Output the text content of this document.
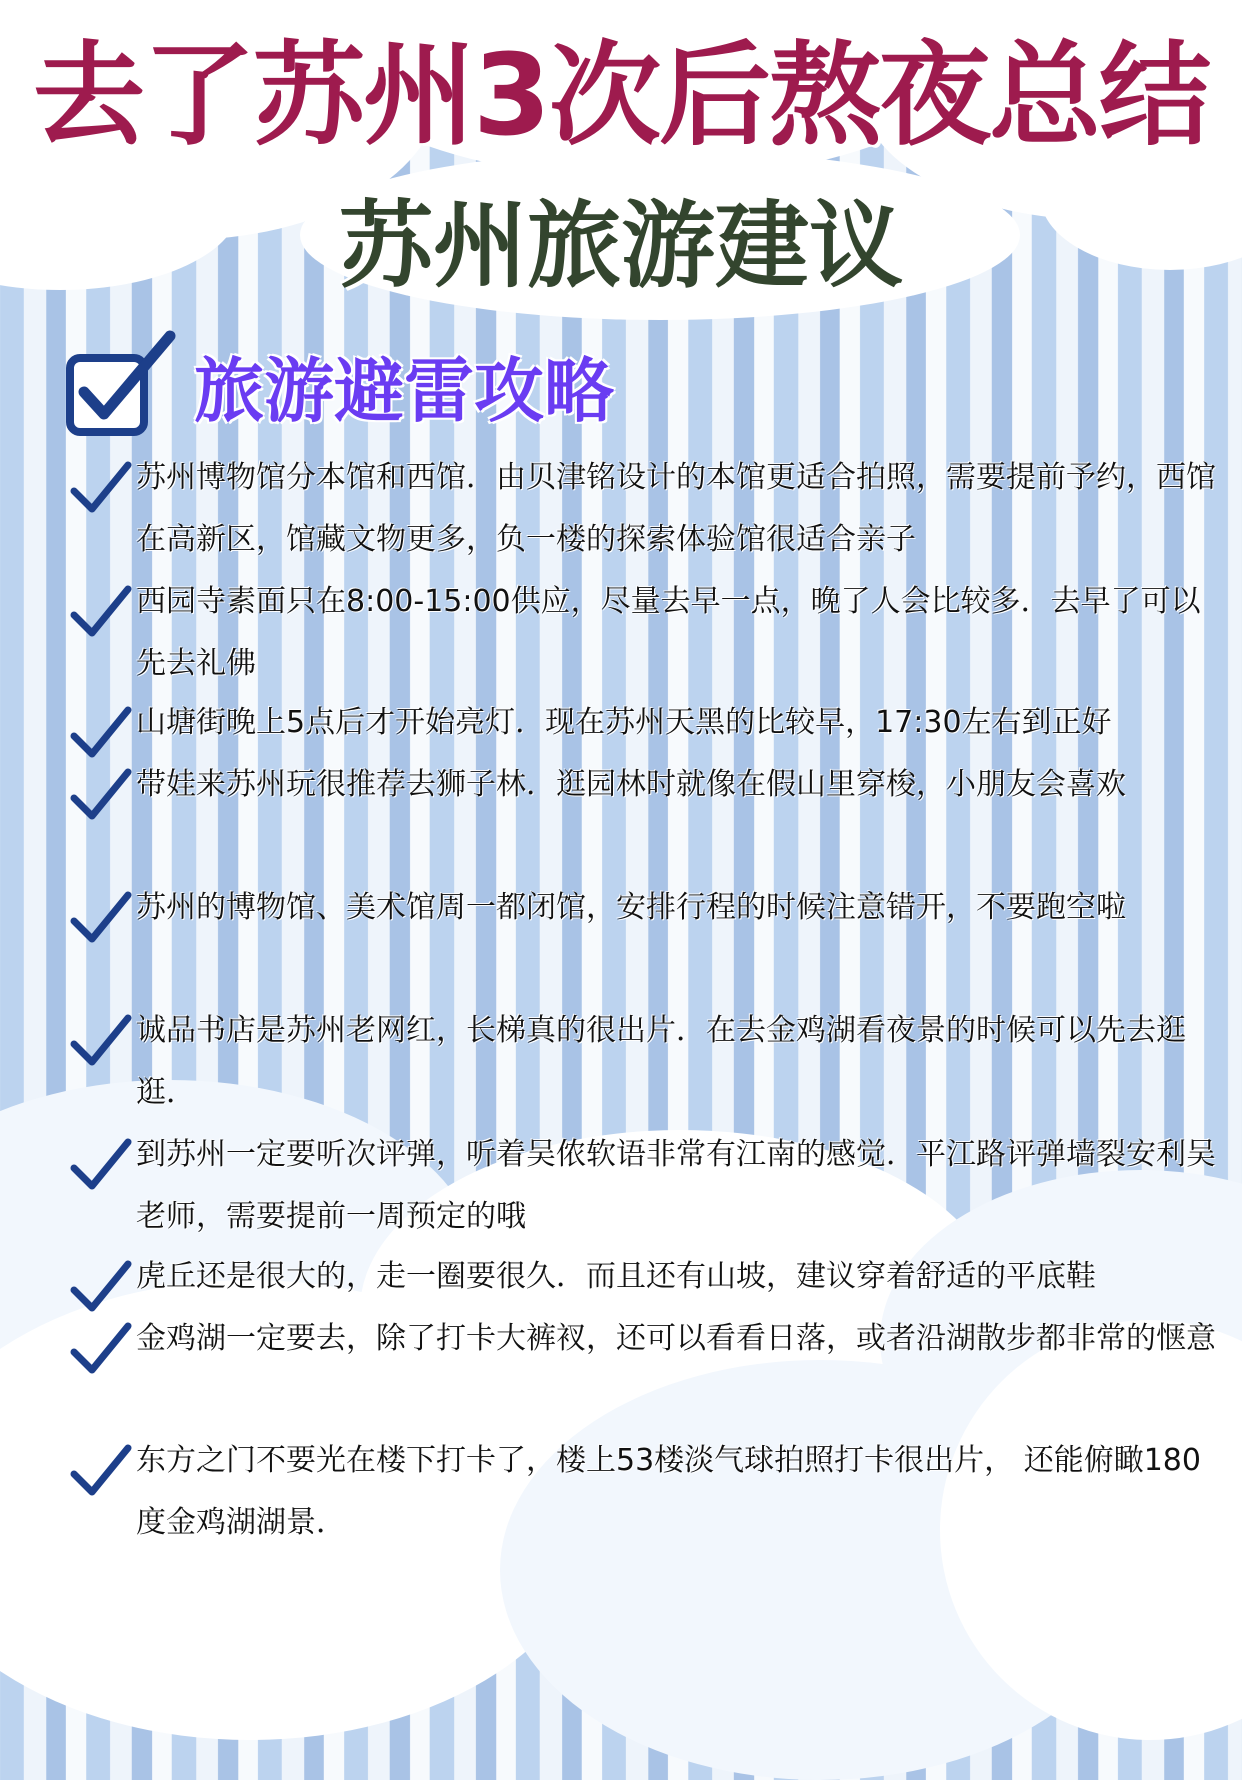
去了苏州3次后熬夜总结
苏州旅游建议
旅游避雷攻略
苏州博物馆分本馆和西馆．由贝津铭设计的本馆更适合拍照，需要提前予约，西馆在高新区，馆藏文物更多，负一楼的探索体验馆很适合亲子
西园寺素面只在8:00-15:00供应，尽量去早一点，晚了人会比较多．去早了可以先去礼佛
山塘街晚上5点后才开始亮灯．现在苏州天黑的比较早，17:30左右到正好
带娃来苏州玩很推荐去狮子林．逛园林时就像在假山里穿梭，小朋友会喜欢
苏州的博物馆、美术馆周一都闭馆，安排行程的时候注意错开，不要跑空啦
诚品书店是苏州老网红，长梯真的很出片．在去金鸡湖看夜景的时候可以先去逛逛．
到苏州一定要听次评弹，听着吴侬软语非常有江南的感觉．平江路评弹墙裂安利吴老师，需要提前一周预定的哦
虎丘还是很大的，走一圈要很久．而且还有山坡，建议穿着舒适的平底鞋
金鸡湖一定要去，除了打卡大裤衩，还可以看看日落，或者沿湖散步都非常的惬意
东方之门不要光在楼下打卡了，楼上53楼淡气球拍照打卡很出片， 还能俯瞰180度金鸡湖湖景．
